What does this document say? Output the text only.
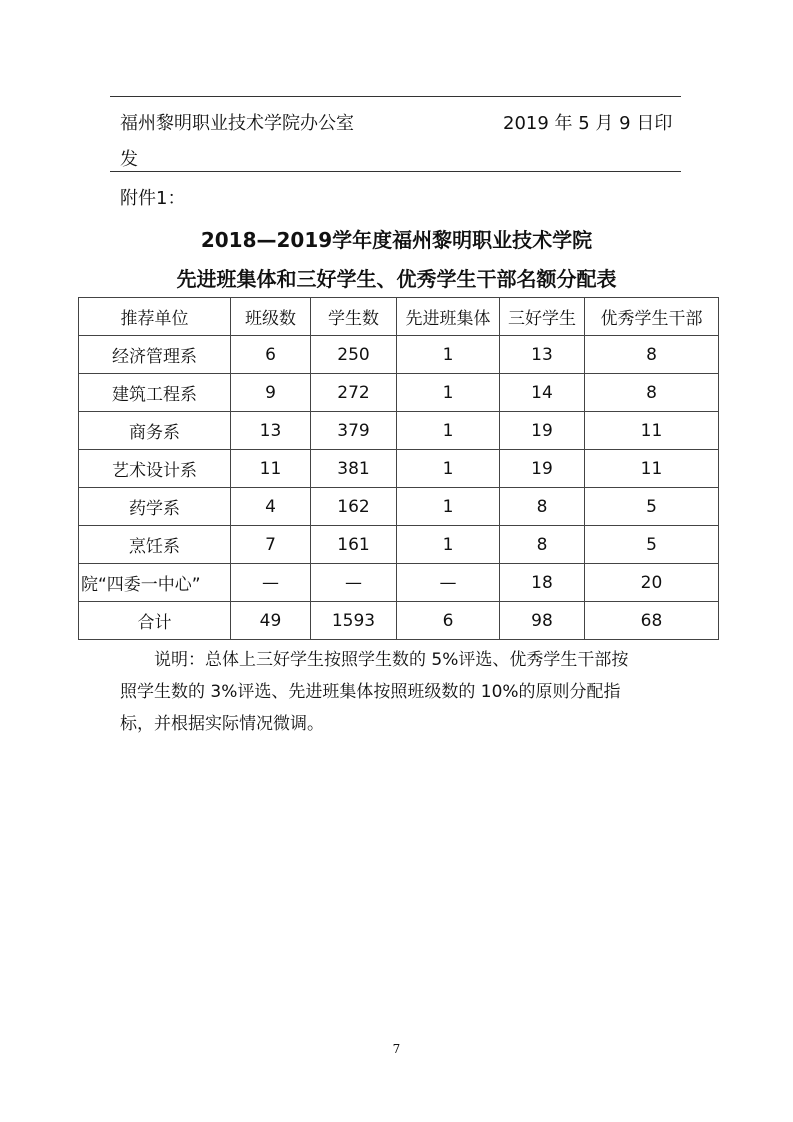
福州黎明职业技术学院办公室	2019 年 5 月 9 日印
发
附件1：
2018—2019学年度福州黎明职业技术学院
先进班集体和三好学生、优秀学生干部名额分配表
推荐单位	班级数	学生数	先进班集体	三好学生	优秀学生干部
经济管理系	6	250	1	13	8
建筑工程系	9	272	1	14	8
商务系	13	379	1	19	11
艺术设计系	11	381	1	19	11
药学系	4	162	1	8	5
烹饪系	7	161	1	8	5
院“四委一中心”	—	—	—	18	20
合计	49	1593	6	98	68
说明：总体上三好学生按照学生数的 5%评选、优秀学生干部按
照学生数的 3%评选、先进班集体按照班级数的 10%的原则分配指
标，并根据实际情况微调。
7
